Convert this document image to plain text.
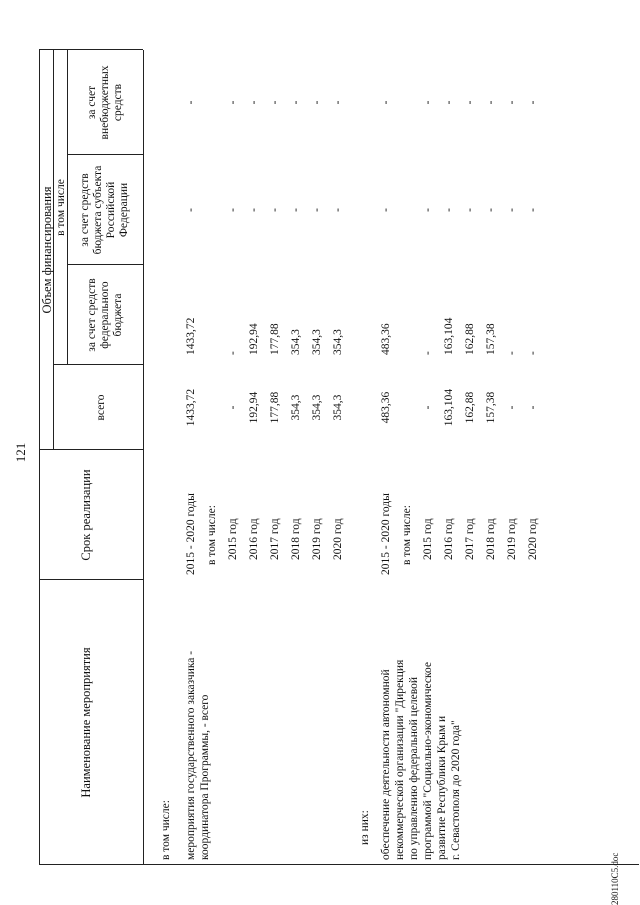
121
Наименование мероприятия
Срок реализации
Объем финансирования в том числе
всего
за счет средств федерального бюджета
за счет средств бюджета субъекта Российской Федерации
за счет внебюджетных средств
в том числе:	из них:
мероприятия государственного заказчика - координатора Программы, - всего
2015 - 2020 годы
1433,72
1433,72
-
-
в том числе: 2015 год
-
-
-
-
2016 год
192,94
192,94
-
-
2017 год
177,88
177,88
-
-
2018 год
354,3
354,3
-
-
2019 год
354,3
354,3
-
-
2020 год
354,3
354,3
-
-
обеспечение деятельности автономной некоммерческой организации "Дирекция по управлению федеральной целевой программой "Социально-экономическое развитие Республики Крым и г. Севастополя до 2020 года"
2015 - 2020 годы
483,36
483,36
-
-
в том числе: 2015 год
-
-
-
-
2016 год
163,104
163,104
-
-
2017 год
162,88
162,88
-
-
2018 год
157,38
157,38
-
-
2019 год
-
-
-
-
2020 год
-
-
-
-
280110С5.doc
